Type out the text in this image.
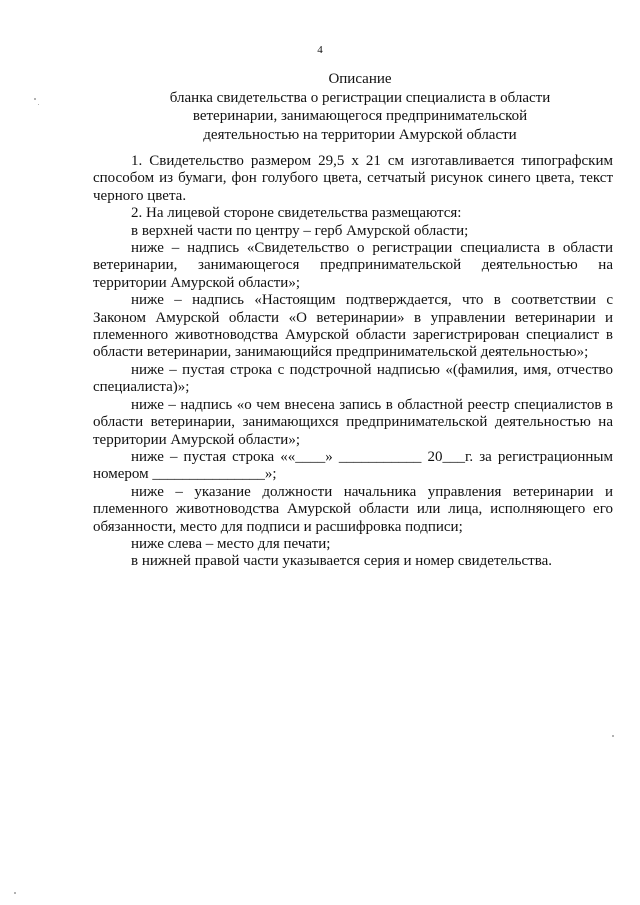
4
Описание
бланка свидетельства о регистрации специалиста в области
ветеринарии, занимающегося предпринимательской
деятельностью на территории Амурской области

1. Свидетельство размером 29,5 х 21 см изготавливается типографским способом из бумаги, фон голубого цвета, сетчатый рисунок синего цвета, текст черного цвета.

2. На лицевой стороне свидетельства размещаются:

в верхней части по центру – герб Амурской области;

ниже – надпись «Свидетельство о регистрации специалиста в области ветеринарии, занимающегося предпринимательской деятельностью на территории Амурской области»;

ниже – надпись «Настоящим подтверждается, что в соответствии с Законом Амурской области «О ветеринарии» в управлении ветеринарии и племенного животноводства Амурской области зарегистрирован специалист в области ветеринарии, занимающийся предпринимательской деятельностью»;

ниже – пустая строка с подстрочной надписью «(фамилия, имя, отчество специалиста)»;

ниже – надпись «о чем внесена запись в областной реестр специалистов в области ветеринарии, занимающихся предпринимательской деятельностью на территории Амурской области»;

ниже – пустая строка ««____» ___________ 20___г. за регистрационным номером _______________»;

ниже – указание должности начальника управления ветеринарии и племенного животноводства Амурской области или лица, исполняющего его обязанности, место для подписи и расшифровка подписи;

ниже слева – место для печати;

в нижней правой части указывается серия и номер свидетельства.
